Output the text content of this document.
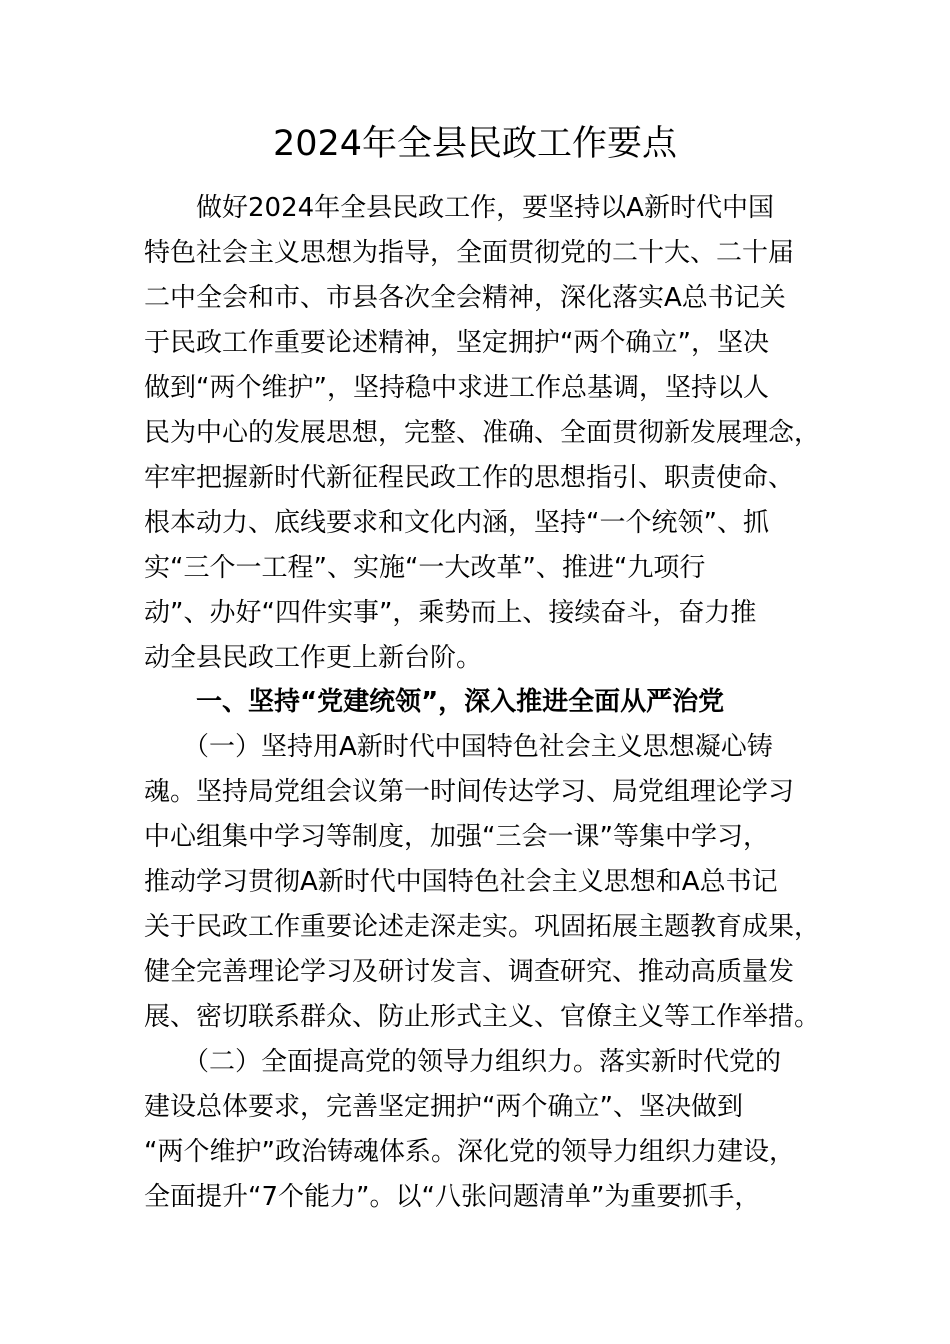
2024年全县民政工作要点
　　做好2024年全县民政工作，要坚持以A新时代中国
特色社会主义思想为指导，全面贯彻党的二十大、二十届
二中全会和市、市县各次全会精神，深化落实A总书记关
于民政工作重要论述精神，坚定拥护“两个确立”，坚决
做到“两个维护”，坚持稳中求进工作总基调，坚持以人
民为中心的发展思想，完整、准确、全面贯彻新发展理念，
牢牢把握新时代新征程民政工作的思想指引、职责使命、
根本动力、底线要求和文化内涵，坚持“一个统领”、抓
实“三个一工程”、实施“一大改革”、推进“九项行
动”、办好“四件实事”，乘势而上、接续奋斗，奋力推
动全县民政工作更上新台阶。
　　一、坚持“党建统领”，深入推进全面从严治党
　　（一）坚持用A新时代中国特色社会主义思想凝心铸
魂。坚持局党组会议第一时间传达学习、局党组理论学习
中心组集中学习等制度，加强“三会一课”等集中学习，
推动学习贯彻A新时代中国特色社会主义思想和A总书记
关于民政工作重要论述走深走实。巩固拓展主题教育成果，
健全完善理论学习及研讨发言、调查研究、推动高质量发
展、密切联系群众、防止形式主义、官僚主义等工作举措。
　　（二）全面提高党的领导力组织力。落实新时代党的
建设总体要求，完善坚定拥护“两个确立”、坚决做到
“两个维护”政治铸魂体系。深化党的领导力组织力建设，
全面提升“7个能力”。以“八张问题清单”为重要抓手，
